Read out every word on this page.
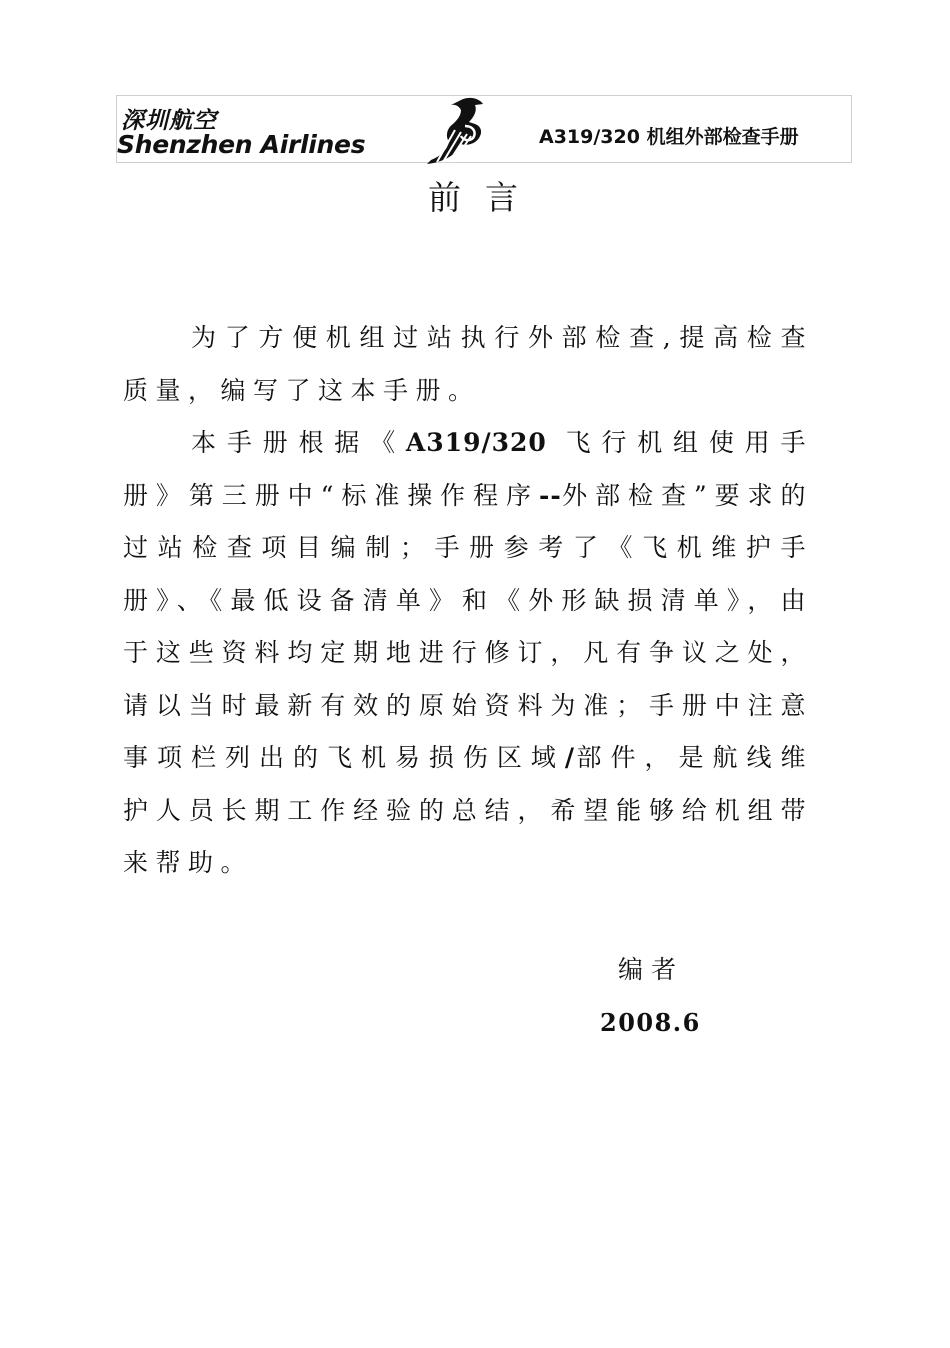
深圳航空
Shenzhen Airlines	A319/320 机组外部检查手册
前言

为了方便机组过站执行外部检查,提高检查质量，编写了这本手册。

本手册根据《A319/320 飞行机组使用手册》第三册中“标准操作程序--外部检查”要求的过站检查项目编制；手册参考了《飞机维护手册》、《最低设备清单》和《外形缺损清单》，由于这些资料均定期地进行修订，凡有争议之处，请以当时最新有效的原始资料为准；手册中注意事项栏列出的飞机易损伤区域/部件，是航线维护人员长期工作经验的总结，希望能够给机组带来帮助。

编者
2008.6
